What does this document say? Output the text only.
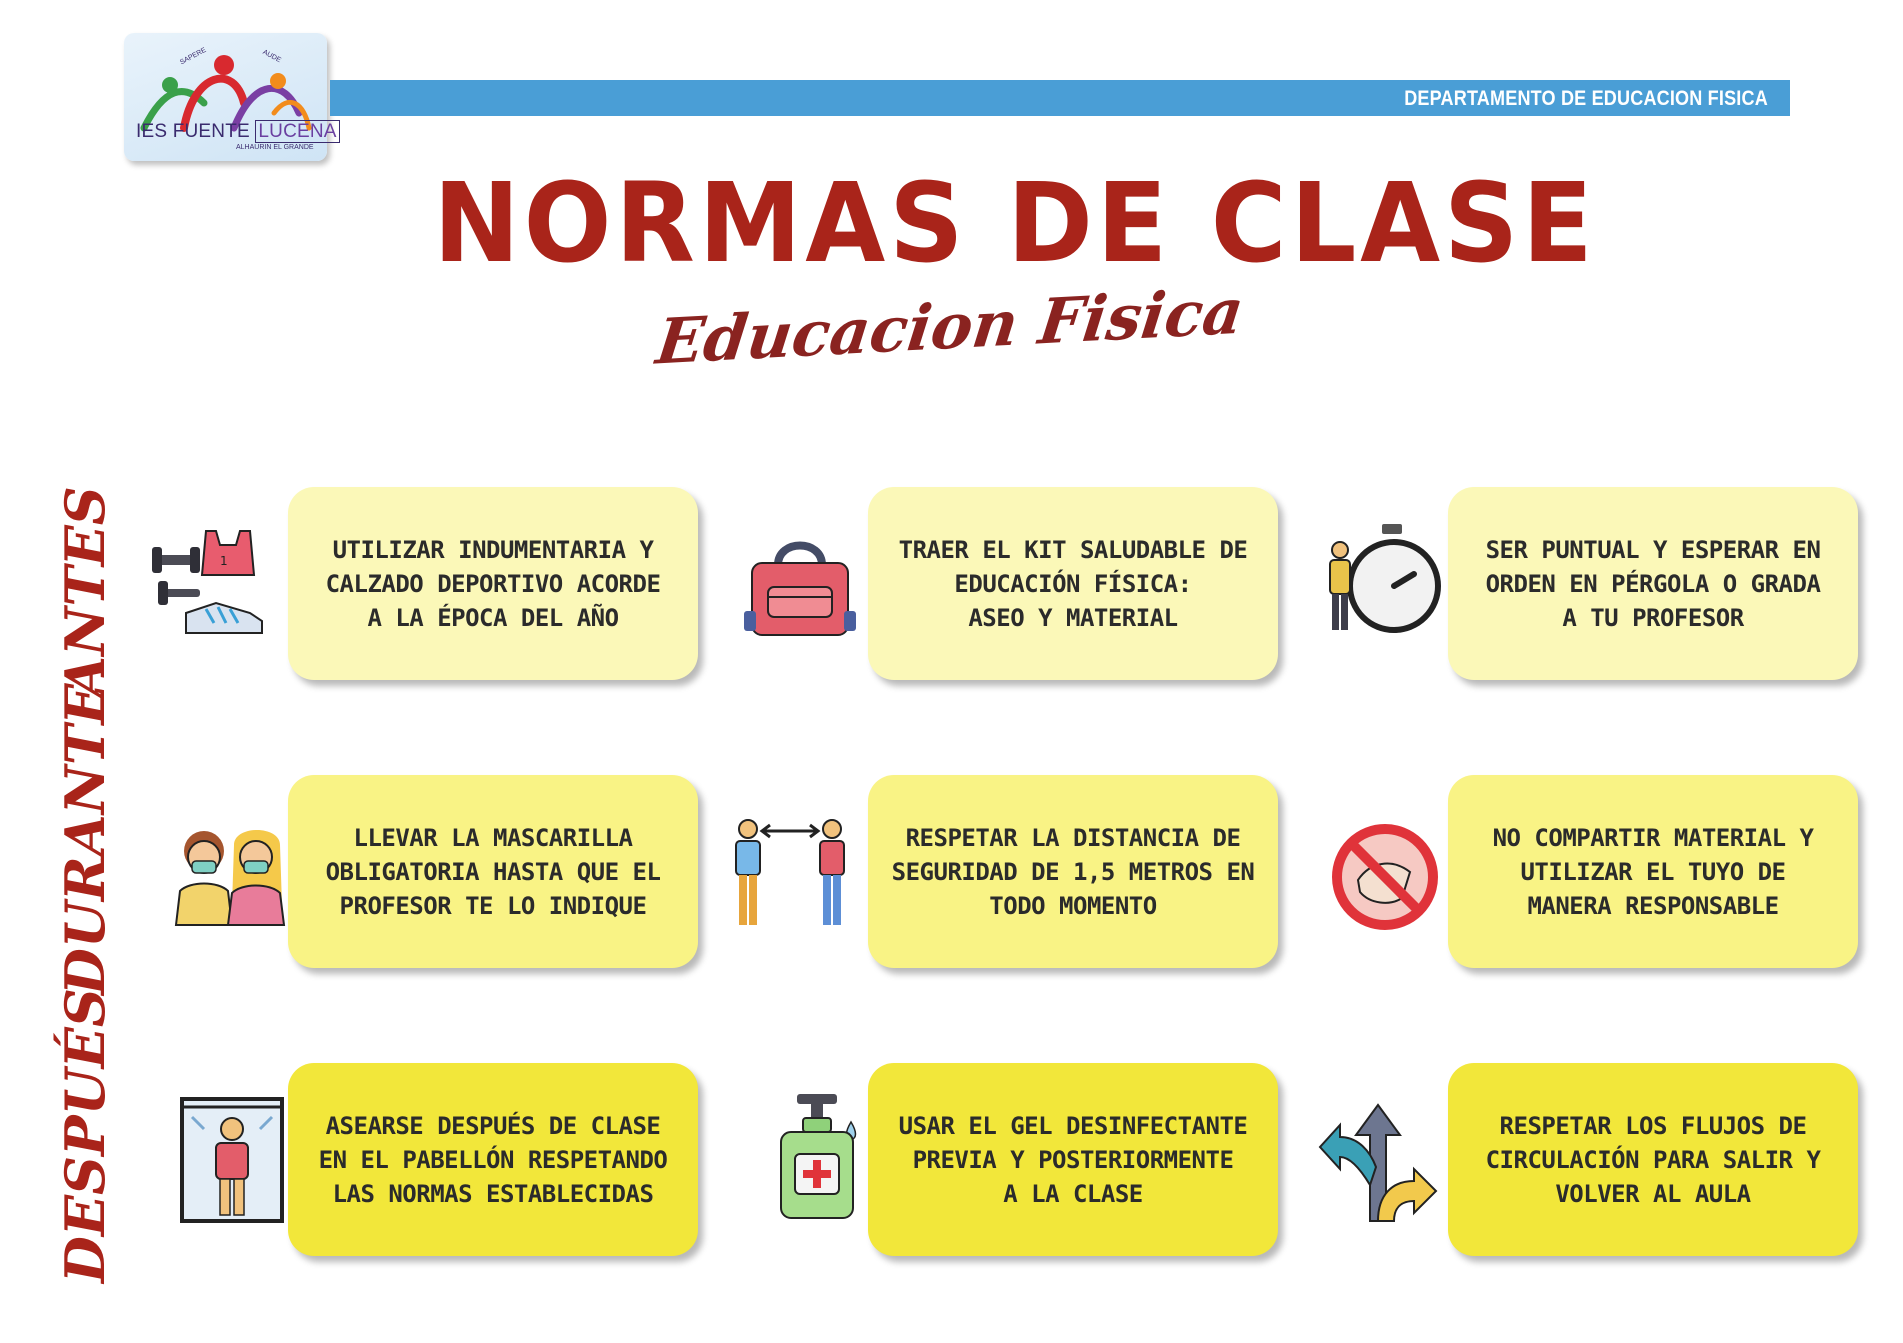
SAPERE	AUDE
IES FUENTE LUCENA
ALHAURIN EL GRANDE
DEPARTAMENTO DE EDUCACION FISICA
NORMAS DE CLASE
Educacion Fisica
ANTES
DURANTE
DESPUÉS
1	UTILIZAR INDUMENTARIA Y
CALZADO DEPORTIVO ACORDE
A LA ÉPOCA DEL AÑO
TRAER EL KIT SALUDABLE DE
EDUCACIÓN FÍSICA:
ASEO Y MATERIAL
SER PUNTUAL Y ESPERAR EN
ORDEN EN PÉRGOLA O GRADA
A TU PROFESOR
LLEVAR LA MASCARILLA
OBLIGATORIA HASTA QUE EL
PROFESOR TE LO INDIQUE
RESPETAR LA DISTANCIA DE
SEGURIDAD DE 1,5 METROS EN
TODO MOMENTO
NO COMPARTIR MATERIAL Y
UTILIZAR EL TUYO DE
MANERA RESPONSABLE
ASEARSE DESPUÉS DE CLASE
EN EL PABELLÓN RESPETANDO
LAS NORMAS ESTABLECIDAS
USAR EL GEL DESINFECTANTE
PREVIA Y POSTERIORMENTE
A LA CLASE
RESPETAR LOS FLUJOS DE
CIRCULACIÓN PARA SALIR Y
VOLVER AL AULA
